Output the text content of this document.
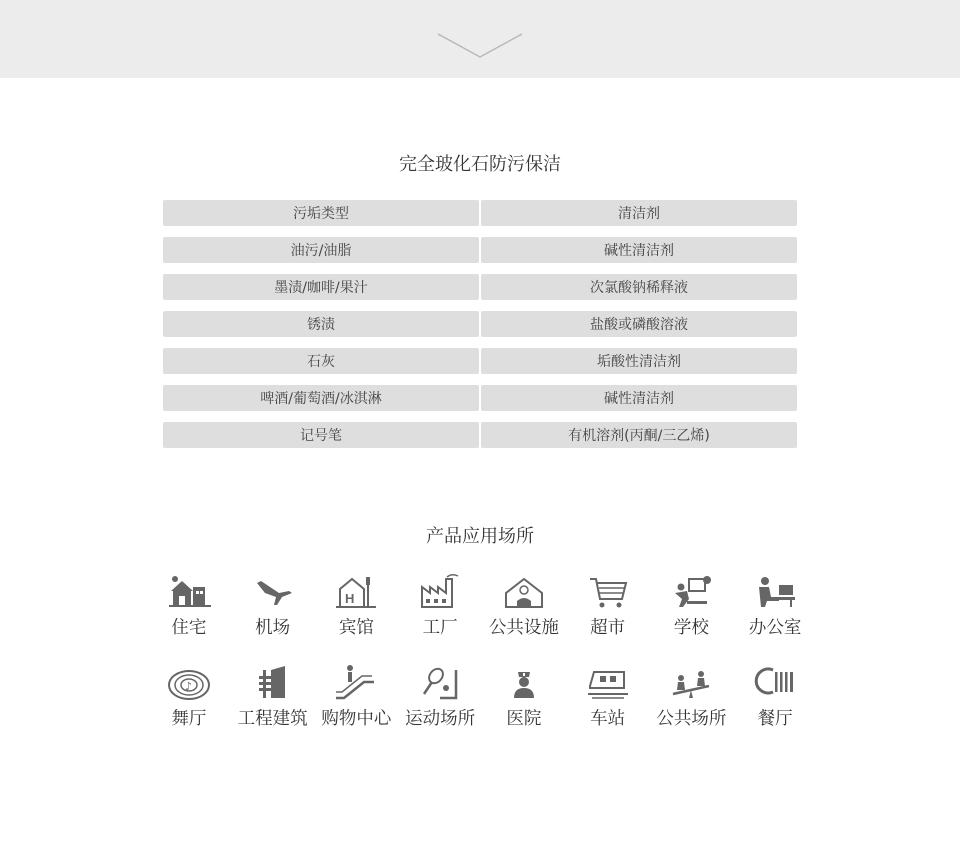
完全玻化石防污保洁
污垢类型	清洁剂
油污/油脂	碱性清洁剂
墨渍/咖啡/果汁	次氯酸钠稀释液
锈渍	盐酸或磷酸溶液
石灰	垢酸性清洁剂
啤酒/葡萄酒/冰淇淋	碱性清洁剂
记号笔	有机溶剂(丙酮/三乙烯)
产品应用场所
住宅	机场
H
宾馆	工厂 公共设施 超市	学校 办公室
♪
舞厅 工程建筑 购物中心 运动场所 医院	车站 公共场所 餐厅
